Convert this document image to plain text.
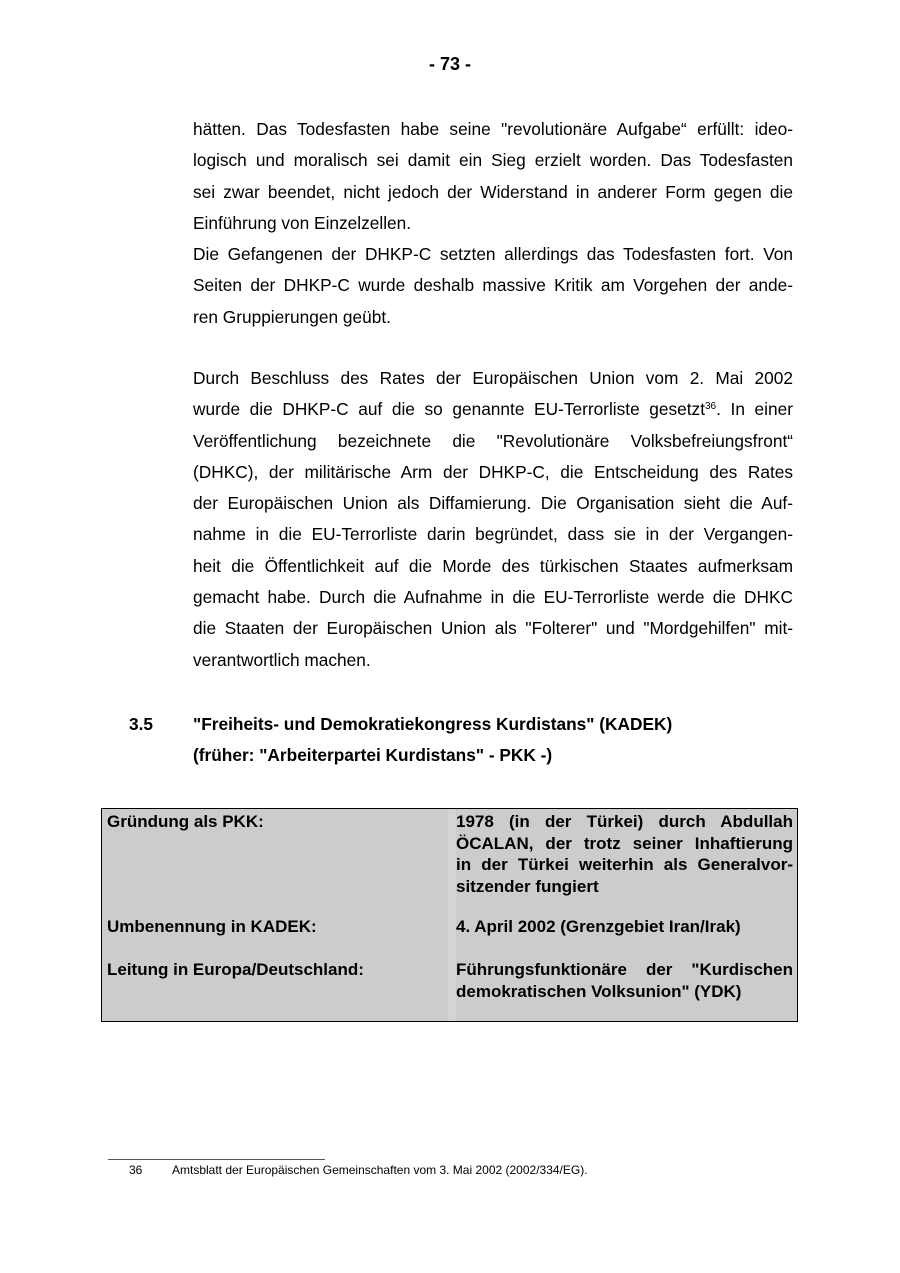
- 73 -
hätten. Das Todesfasten habe seine "revolutionäre Aufgabe“ erfüllt: ideo-
logisch und moralisch sei damit ein Sieg erzielt worden. Das Todesfasten
sei zwar beendet, nicht jedoch der Widerstand in anderer Form gegen die
Einführung von Einzelzellen.
Die Gefangenen der DHKP-C setzten allerdings das Todesfasten fort. Von
Seiten der DHKP-C wurde deshalb massive Kritik am Vorgehen der ande-
ren Gruppierungen geübt.
Durch Beschluss des Rates der Europäischen Union vom 2. Mai 2002
wurde die DHKP-C auf die so genannte EU-Terrorliste gesetzt$^{36}$. In einer
Veröffentlichung bezeichnete die "Revolutionäre Volksbefreiungsfront“
(DHKC), der militärische Arm der DHKP-C, die Entscheidung des Rates
der Europäischen Union als Diffamierung. Die Organisation sieht die Auf-
nahme in die EU-Terrorliste darin begründet, dass sie in der Vergangen-
heit die Öffentlichkeit auf die Morde des türkischen Staates aufmerksam
gemacht habe. Durch die Aufnahme in die EU-Terrorliste werde die DHKC
die Staaten der Europäischen Union als "Folterer" und "Mordgehilfen" mit-
verantwortlich machen.
3.5 "Freiheits- und Demokratiekongress Kurdistans" (KADEK)
(früher: "Arbeiterpartei Kurdistans" - PKK -)
Gründung als PKK:	1978 (in der Türkei) durch Abdullah
ÖCALAN, der trotz seiner Inhaftierung
in der Türkei weiterhin als Generalvor-
sitzender fungiert
Umbenennung in KADEK:	4. April 2002 (Grenzgebiet Iran/Irak)
Leitung in Europa/Deutschland:	Führungsfunktionäre der "Kurdischen
demokratischen Volksunion" (YDK)
36 Amtsblatt der Europäischen Gemeinschaften vom 3. Mai 2002 (2002/334/EG).
